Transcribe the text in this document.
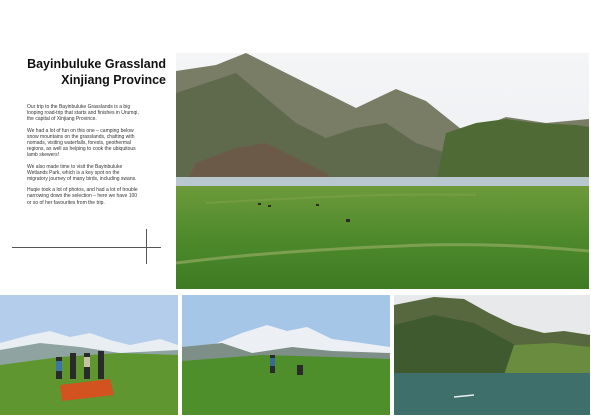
Bayinbuluke Grassland
Xinjiang Province

Our trip to the Bayinbuluke Grasslands is a big looping road-trip that starts and finishes in Urumqi, the capital of Xinjiang Province.

We had a lot of fun on this one – camping below snow mountains on the grasslands, chatting with nomads, visiting waterfalls, forests, geothermal regions, as well as helping to cook the ubiquitous lamb skewers!

We also made time to visit the Bayinbuluke Wetlands Park, which is a key spot on the migratory journey of many birds, including swans.

Huqie took a lot of photos, and had a lot of trouble narrowing down the selection – here we have 100 or so of her favourites from the trip.
